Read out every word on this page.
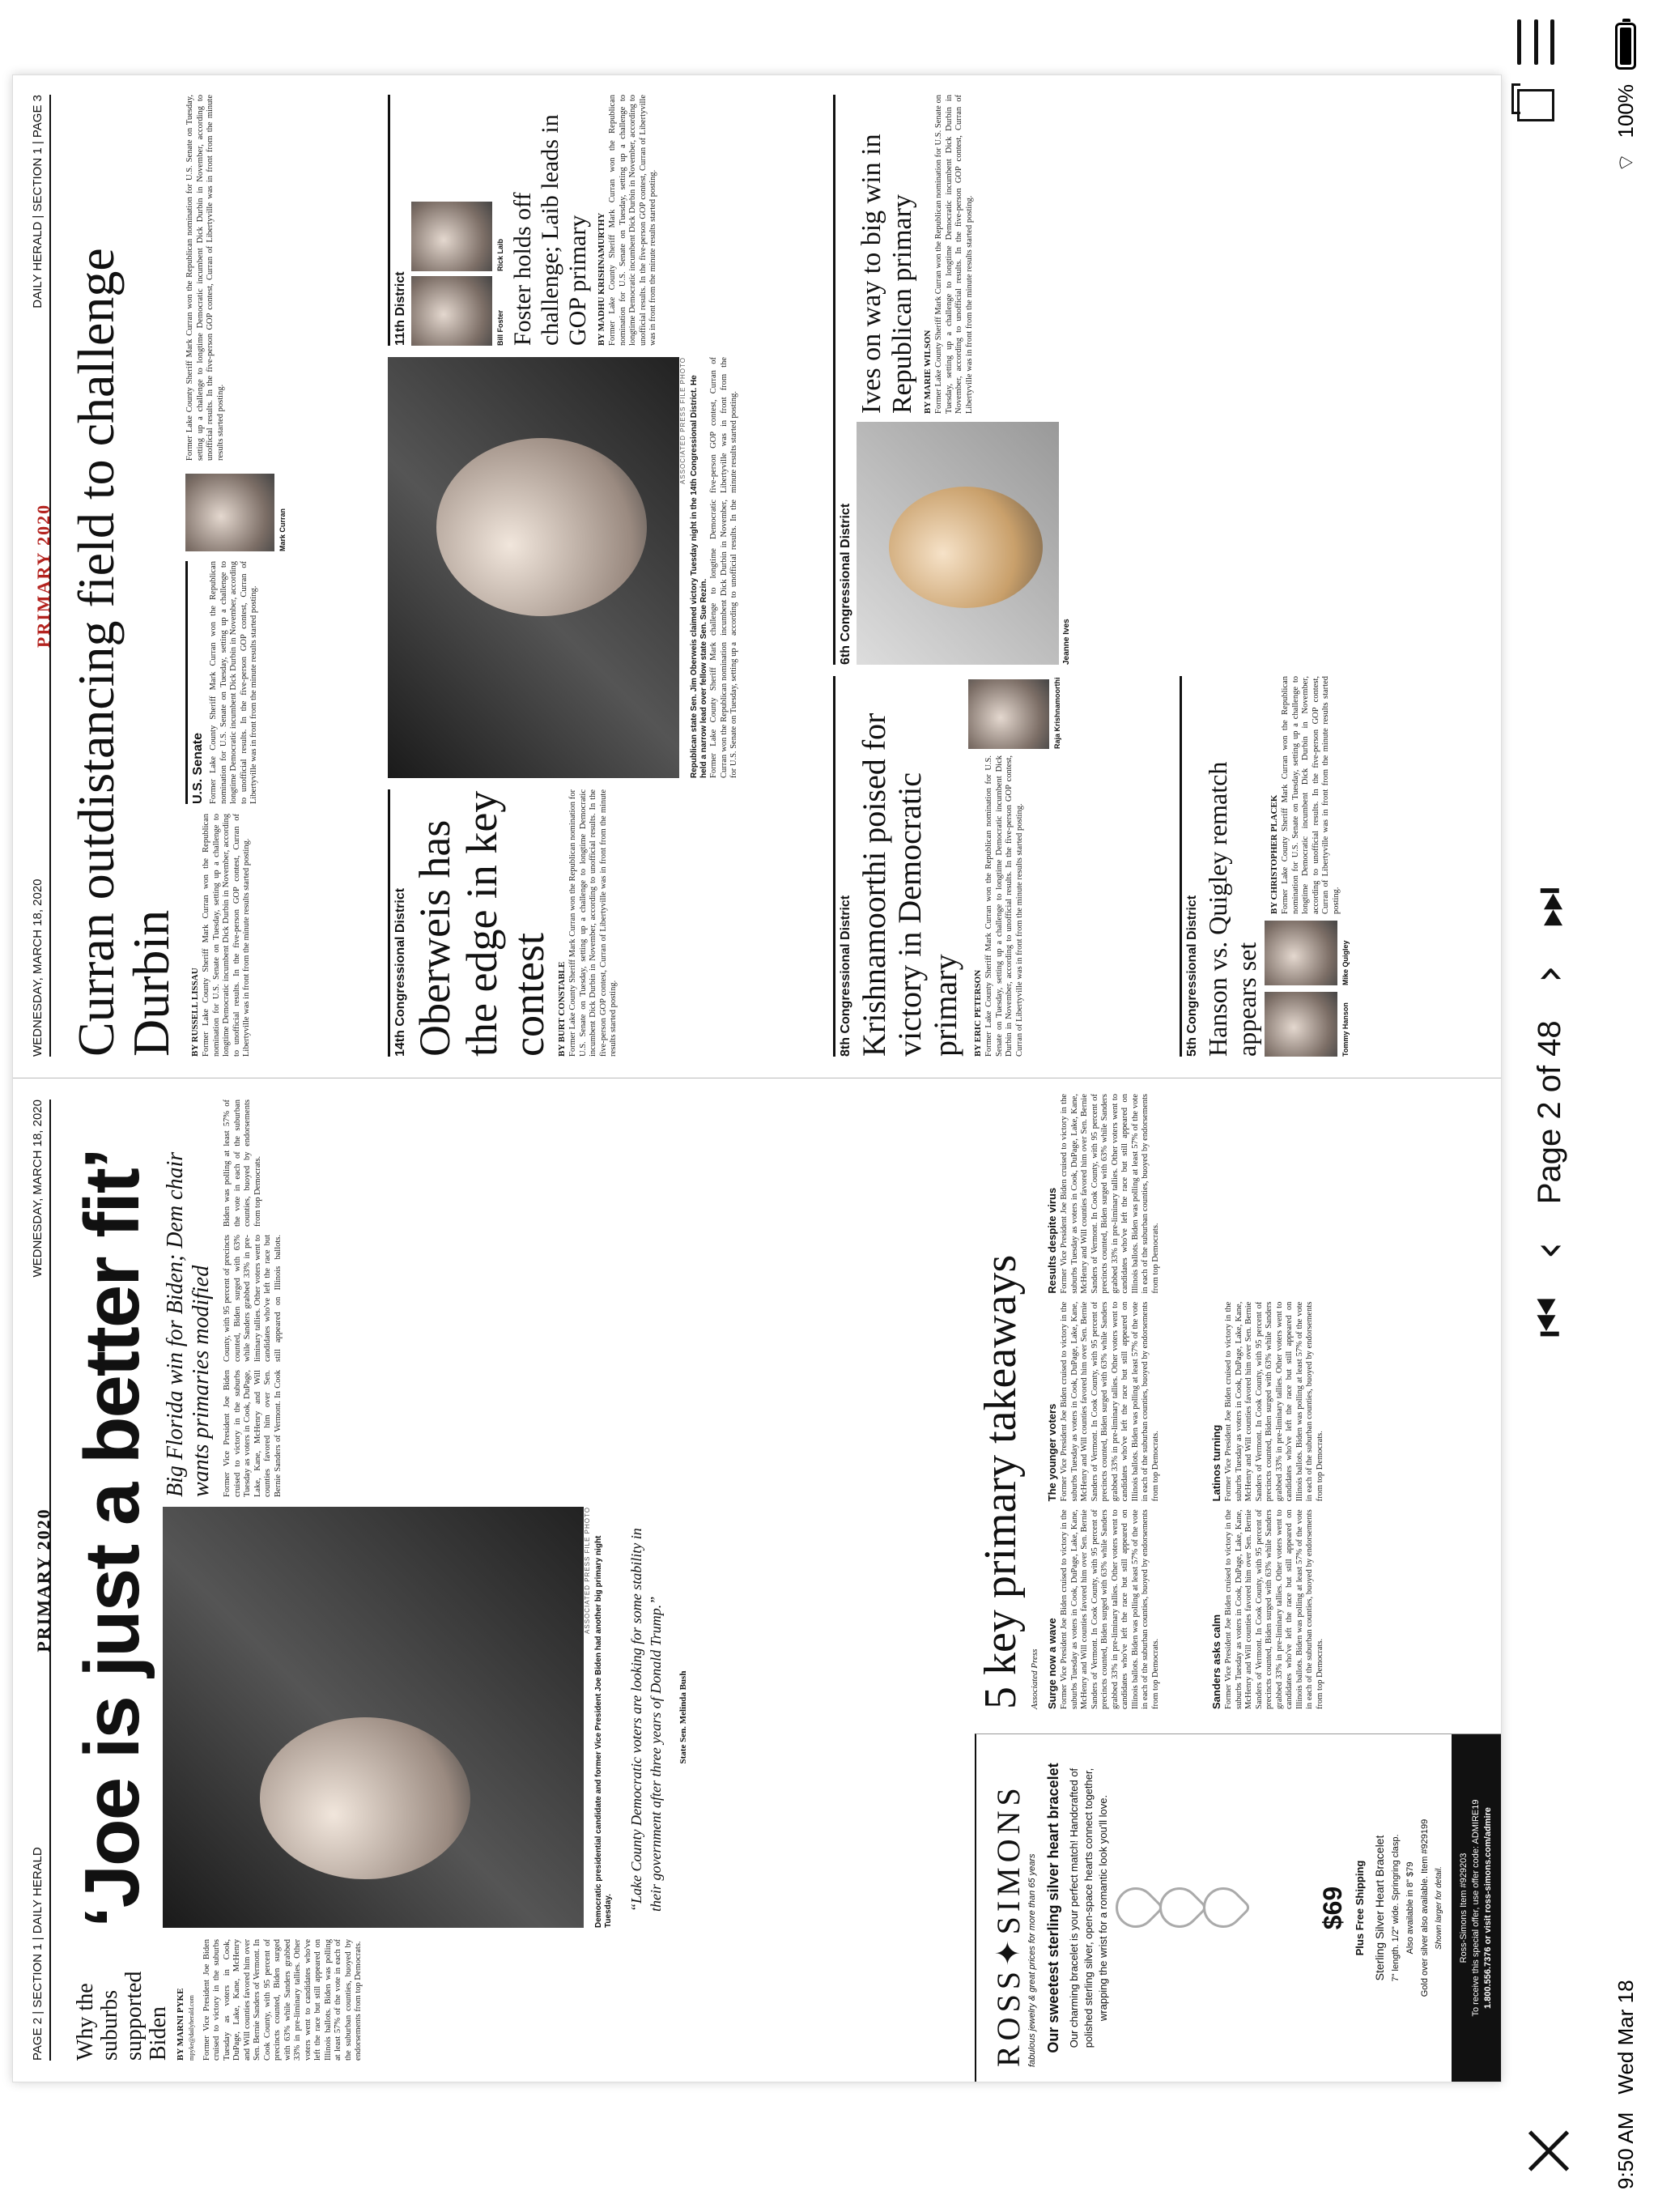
9:50 AM
Wed Mar 18
⌔
100%
⏮
‹
Page 2 of 48
›
⏭
PAGE 2 | SECTION 1 | DAILY HERALD
WEDNESDAY, MARCH 18, 2020
PRIMARY 2020
Why the suburbs supported Biden BY MARNI PYKE mpyke@dailyherald.com Former Vice President Joe Biden cruised to victory in the suburbs Tuesday as voters in Cook, DuPage, Lake, Kane, McHenry and Will counties favored him over Sen. Bernie Sanders of Vermont. In Cook County, with 95 percent of precincts counted, Biden surged with 63% while Sanders grabbed 33% in pre-liminary tallies. Other voters went to candidates who've left the race but still appeared on Illinois ballots. Biden was polling at least 57% of the vote in each of the suburban counties, buoyed by endorsements from top Democrats.
‘Joe is just a better fit’	ASSOCIATED PRESS FILE PHOTO Democratic presidential candidate and former Vice President Joe Biden had another big primary night Tuesday. “Lake County Democratic voters are looking for some stability in their government after three years of Donald Trump.” State Sen. Melinda Bush
Big Florida win for Biden; Dem chair wants primaries modified Former Vice President Joe Biden cruised to victory in the suburbs Tuesday as voters in Cook, DuPage, Lake, Kane, McHenry and Will counties favored him over Sen. Bernie Sanders of Vermont. In Cook County, with 95 percent of precincts counted, Biden surged with 63% while Sanders grabbed 33% in pre-liminary tallies. Other voters went to candidates who've left the race but still appeared on Illinois ballots. Biden was polling at least 57% of the vote in each of the suburban counties, buoyed by endorsements from top Democrats.
5 key primary takeaways Associated Press Surge now a wave Former Vice President Joe Biden cruised to victory in the suburbs Tuesday as voters in Cook, DuPage, Lake, Kane, McHenry and Will counties favored him over Sen. Bernie Sanders of Vermont. In Cook County, with 95 percent of precincts counted, Biden surged with 63% while Sanders grabbed 33% in pre-liminary tallies. Other voters went to candidates who've left the race but still appeared on Illinois ballots. Biden was polling at least 57% of the vote in each of the suburban counties, buoyed by endorsements from top Democrats.	Sanders asks calm Former Vice President Joe Biden cruised to victory in the suburbs Tuesday as voters in Cook, DuPage, Lake, Kane, McHenry and Will counties favored him over Sen. Bernie Sanders of Vermont. In Cook County, with 95 percent of precincts counted, Biden surged with 63% while Sanders grabbed 33% in pre-liminary tallies. Other voters went to candidates who've left the race but still appeared on Illinois ballots. Biden was polling at least 57% of the vote in each of the suburban counties, buoyed by endorsements from top Democrats.
The younger voters Former Vice President Joe Biden cruised to victory in the suburbs Tuesday as voters in Cook, DuPage, Lake, Kane, McHenry and Will counties favored him over Sen. Bernie Sanders of Vermont. In Cook County, with 95 percent of precincts counted, Biden surged with 63% while Sanders grabbed 33% in pre-liminary tallies. Other voters went to candidates who've left the race but still appeared on Illinois ballots. Biden was polling at least 57% of the vote in each of the suburban counties, buoyed by endorsements from top Democrats.	Latinos turning Former Vice President Joe Biden cruised to victory in the suburbs Tuesday as voters in Cook, DuPage, Lake, Kane, McHenry and Will counties favored him over Sen. Bernie Sanders of Vermont. In Cook County, with 95 percent of precincts counted, Biden surged with 63% while Sanders grabbed 33% in pre-liminary tallies. Other voters went to candidates who've left the race but still appeared on Illinois ballots. Biden was polling at least 57% of the vote in each of the suburban counties, buoyed by endorsements from top Democrats.
Results despite virus Former Vice President Joe Biden cruised to victory in the suburbs Tuesday as voters in Cook, DuPage, Lake, Kane, McHenry and Will counties favored him over Sen. Bernie Sanders of Vermont. In Cook County, with 95 percent of precincts counted, Biden surged with 63% while Sanders grabbed 33% in pre-liminary tallies. Other voters went to candidates who've left the race but still appeared on Illinois ballots. Biden was polling at least 57% of the vote in each of the suburban counties, buoyed by endorsements from top Democrats.
ROSS✦SIMONS fabulous jewelry & great prices for more than 65 years Our sweetest sterling silver heart bracelet Our charming bracelet is your perfect match! Handcrafted of polished sterling silver, open-space hearts connect together, wrapping the wrist for a romantic look you'll love.	$69 Plus Free Shipping Sterling Silver Heart Bracelet 7" length. 1/2" wide. Springring clasp. Also available in 8" $79 Gold over silver also available. Item #929199 Shown larger for detail.	Ross-Simons Item #929203 To receive this special offer, use offer code: ADMIRE19 1.800.556.7376 or visit ross-simons.com/admire
WEDNESDAY, MARCH 18, 2020
DAILY HERALD | SECTION 1 | PAGE 3
PRIMARY 2020 Curran outdistancing field to challenge Durbin BY RUSSELL LISSAU Former Lake County Sheriff Mark Curran won the Republican nomination for U.S. Senate on Tuesday, setting up a challenge to longtime Democratic incumbent Dick Durbin in November, according to unofficial results. In the five-person GOP contest, Curran of Libertyville was in front from the minute results started posting.
U.S. Senate Former Lake County Sheriff Mark Curran won the Republican nomination for U.S. Senate on Tuesday, setting up a challenge to longtime Democratic incumbent Dick Durbin in November, according to unofficial results. In the five-person GOP contest, Curran of Libertyville was in front from the minute results started posting.
Mark Curran
Former Lake County Sheriff Mark Curran won the Republican nomination for U.S. Senate on Tuesday, setting up a challenge to longtime Democratic incumbent Dick Durbin in November, according to unofficial results. In the five-person GOP contest, Curran of Libertyville was in front from the minute results started posting.
14th Congressional District Oberweis has the edge in key contest BY BURT CONSTABLE Former Lake County Sheriff Mark Curran won the Republican nomination for U.S. Senate on Tuesday, setting up a challenge to longtime Democratic incumbent Dick Durbin in November, according to unofficial results. In the five-person GOP contest, Curran of Libertyville was in front from the minute results started posting.
ASSOCIATED PRESS FILE PHOTO Republican state Sen. Jim Oberweis claimed victory Tuesday night in the 14th Congressional District. He held a narrow lead over fellow state Sen. Sue Rezin. Former Lake County Sheriff Mark Curran won the Republican nomination for U.S. Senate on Tuesday, setting up a challenge to longtime Democratic incumbent Dick Durbin in November, according to unofficial results. In the five-person GOP contest, Curran of Libertyville was in front from the minute results started posting.
11th District	Bill Foster
Rick Laib Foster holds off challenge; Laib leads in GOP primary BY MADHU KRISHNAMURTHY Former Lake County Sheriff Mark Curran won the Republican nomination for U.S. Senate on Tuesday, setting up a challenge to longtime Democratic incumbent Dick Durbin in November, according to unofficial results. In the five-person GOP contest, Curran of Libertyville was in front from the minute results started posting.
8th Congressional District Krishnamoorthi poised for victory in Democratic primary BY ERIC PETERSON Former Lake County Sheriff Mark Curran won the Republican nomination for U.S. Senate on Tuesday, setting up a challenge to longtime Democratic incumbent Dick Durbin in November, according to unofficial results. In the five-person GOP contest, Curran of Libertyville was in front from the minute results started posting.
Raja Krishnamoorthi
6th Congressional District	Jeanne Ives
Ives on way to big win in Republican primary BY MARIE WILSON Former Lake County Sheriff Mark Curran won the Republican nomination for U.S. Senate on Tuesday, setting up a challenge to longtime Democratic incumbent Dick Durbin in November, according to unofficial results. In the five-person GOP contest, Curran of Libertyville was in front from the minute results started posting.
5th Congressional District Hanson vs. Quigley rematch appears set	Tommy Hanson
Mike Quigley
BY CHRISTOPHER PLACEK Former Lake County Sheriff Mark Curran won the Republican nomination for U.S. Senate on Tuesday, setting up a challenge to longtime Democratic incumbent Dick Durbin in November, according to unofficial results. In the five-person GOP contest, Curran of Libertyville was in front from the minute results started posting.
